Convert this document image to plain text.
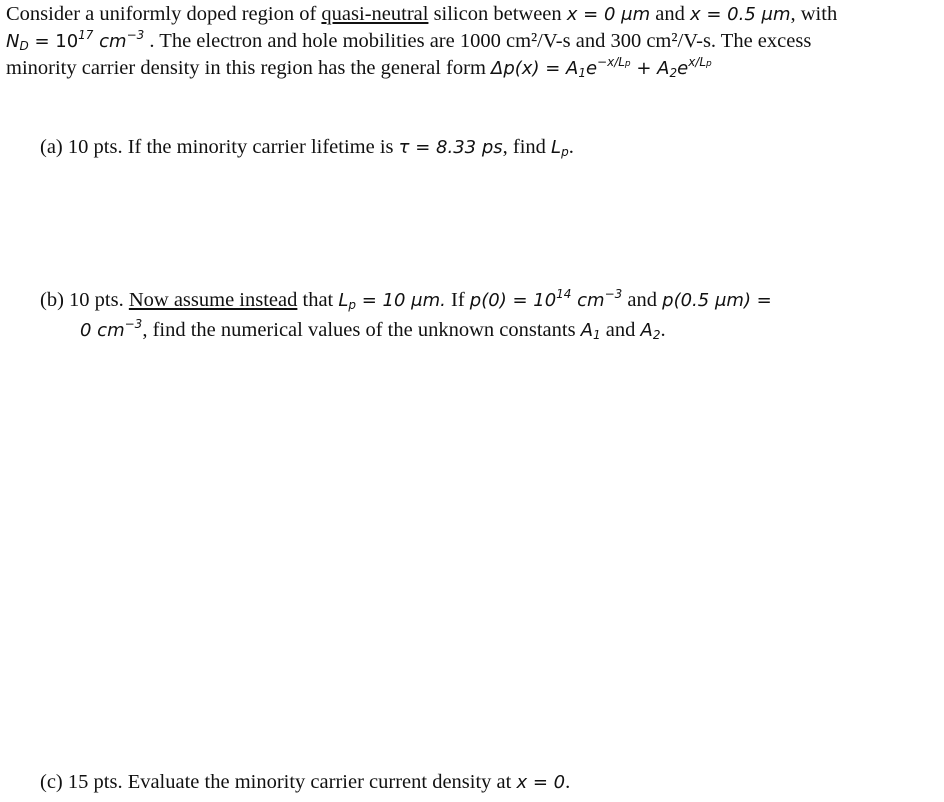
Consider a uniformly doped region of quasi-neutral silicon between x = 0 μm and x = 0.5 μm, with
$N_D = 10^{17}$ $cm^{-3}$ . The electron and hole mobilities are 1000 cm²/V-s and 300 cm²/V-s. The excess
minority carrier density in this region has the general form $\Delta p(x) = A_1e^{-x/Lp} + A_2e^{x/Lp}$
(a) 10 pts. If the minority carrier lifetime is τ = 8.33 ps, find $L_p$.
(b) 10 pts. Now assume instead that $L_p = 10$ μm. If $p(0) = 10^{14}$ $cm^{-3}$ and p(0.5 μm) =
0 $cm^{-3}$, find the numerical values of the unknown constants $A_1$ and $A_2$.
(c) 15 pts. Evaluate the minority carrier current density at x = 0.
